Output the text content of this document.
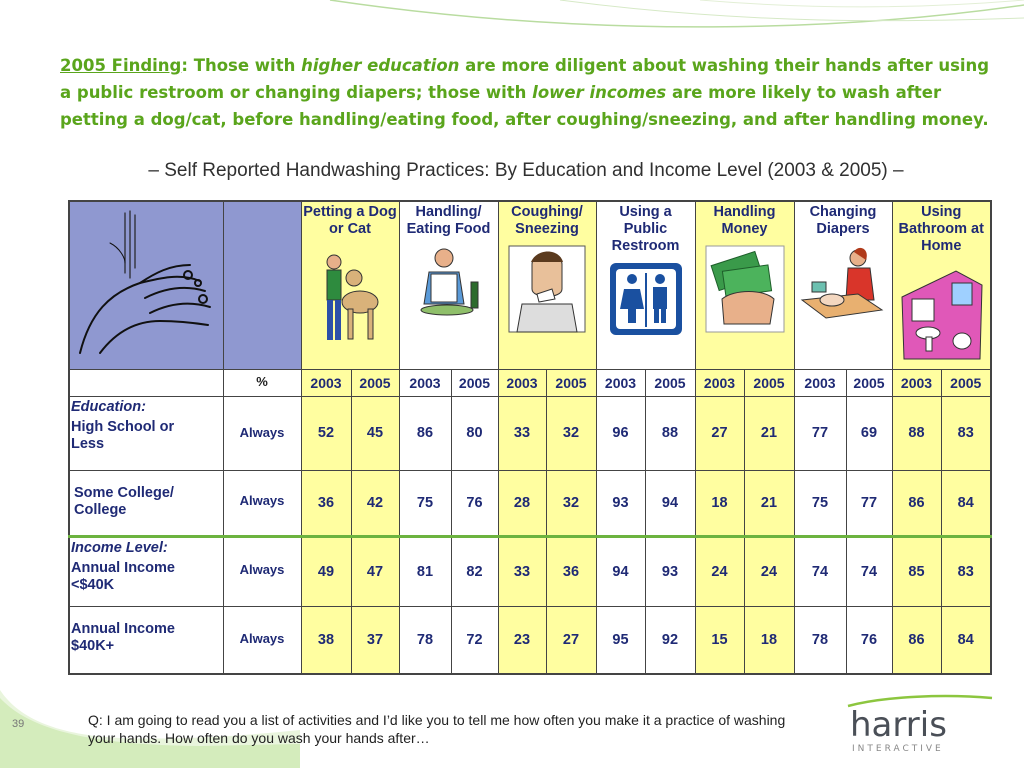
2005 Finding: Those with higher education are more diligent about washing their hands after using a public restroom or changing diapers; those with lower incomes are more likely to wash after petting a dog/cat, before handling/eating food, after coughing/sneezing, and after handling money.
– Self Reported Handwashing Practices: By Education and Income Level (2003 & 2005) –

Petting a Dog or Cat		Handling/ Eating Food		Coughing/ Sneezing		Using a Public Restroom		Handling Money		Changing Diapers		Using Bathroom at Home	

	%	2003	2005	2003	2005	2003	2005	2003	2005	2003	2005	2003	2005	2003	2005

Education:
High School or Less	Always	52	45	86	80	33	32	96	88	27	21	77	69	88	83

Some College/ College	Always	36	42	75	76	28	32	93	94	18	21	75	77	86	84

Income Level:
Annual Income <$40K	Always	49	47	81	82	33	36	94	93	24	24	74	74	85	83

Annual Income $40K+	Always	38	37	78	72	23	27	95	92	15	18	78	76	86	84
39	Q: I am going to read you a list of activities and I’d like you to tell me how often you make it a practice of washing your hands. How often do you wash your hands after…	harris
INTERACTIVE
